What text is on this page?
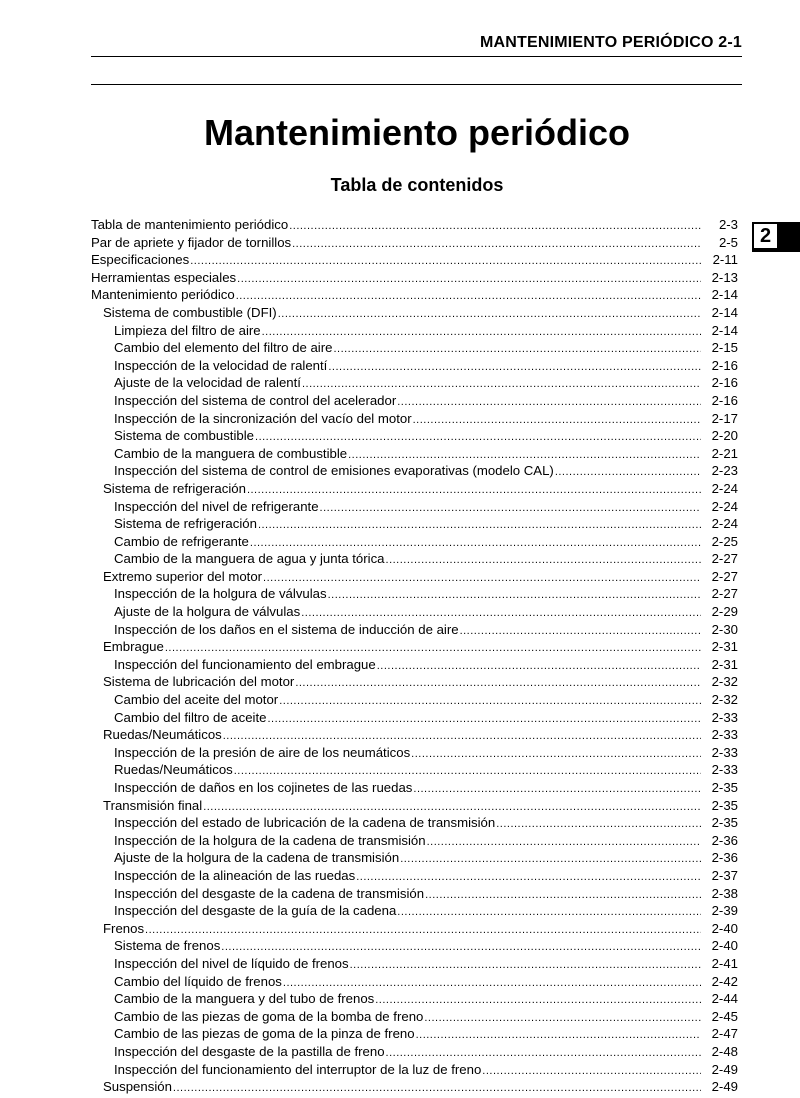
MANTENIMIENTO PERIÓDICO 2-1
Mantenimiento periódico
Tabla de contenidos
2
Tabla de mantenimiento periódico .....	2-3
Par de apriete y fijador de tornillos .....	2-5
Especificaciones .....	2-11
Herramientas especiales .....	2-13
Mantenimiento periódico .....	2-14
Sistema de combustible (DFI) .....	2-14
Limpieza del filtro de aire .....	2-14
Cambio del elemento del filtro de aire .....	2-15
Inspección de la velocidad de ralentí .....	2-16
Ajuste de la velocidad de ralentí .....	2-16
Inspección del sistema de control del acelerador .....	2-16
Inspección de la sincronización del vacío del motor .....	2-17
Sistema de combustible .....	2-20
Cambio de la manguera de combustible .....	2-21
Inspección del sistema de control de emisiones evaporativas (modelo CAL) .....	2-23
Sistema de refrigeración .....	2-24
Inspección del nivel de refrigerante .....	2-24
Sistema de refrigeración .....	2-24
Cambio de refrigerante .....	2-25
Cambio de la manguera de agua y junta tórica .....	2-27
Extremo superior del motor .....	2-27
Inspección de la holgura de válvulas .....	2-27
Ajuste de la holgura de válvulas .....	2-29
Inspección de los daños en el sistema de inducción de aire .....	2-30
Embrague .....	2-31
Inspección del funcionamiento del embrague .....	2-31
Sistema de lubricación del motor .....	2-32
Cambio del aceite del motor .....	2-32
Cambio del filtro de aceite .....	2-33
Ruedas/Neumáticos .....	2-33
Inspección de la presión de aire de los neumáticos .....	2-33
Ruedas/Neumáticos .....	2-33
Inspección de daños en los cojinetes de las ruedas .....	2-35
Transmisión final .....	2-35
Inspección del estado de lubricación de la cadena de transmisión .....	2-35
Inspección de la holgura de la cadena de transmisión .....	2-36
Ajuste de la holgura de la cadena de transmisión .....	2-36
Inspección de la alineación de las ruedas .....	2-37
Inspección del desgaste de la cadena de transmisión .....	2-38
Inspección del desgaste de la guía de la cadena .....	2-39
Frenos .....	2-40
Sistema de frenos .....	2-40
Inspección del nivel de líquido de frenos .....	2-41
Cambio del líquido de frenos .....	2-42
Cambio de la manguera y del tubo de frenos .....	2-44
Cambio de las piezas de goma de la bomba de freno .....	2-45
Cambio de las piezas de goma de la pinza de freno .....	2-47
Inspección del desgaste de la pastilla de freno .....	2-48
Inspección del funcionamiento del interruptor de la luz de freno .....	2-49
Suspensión .....	2-49
